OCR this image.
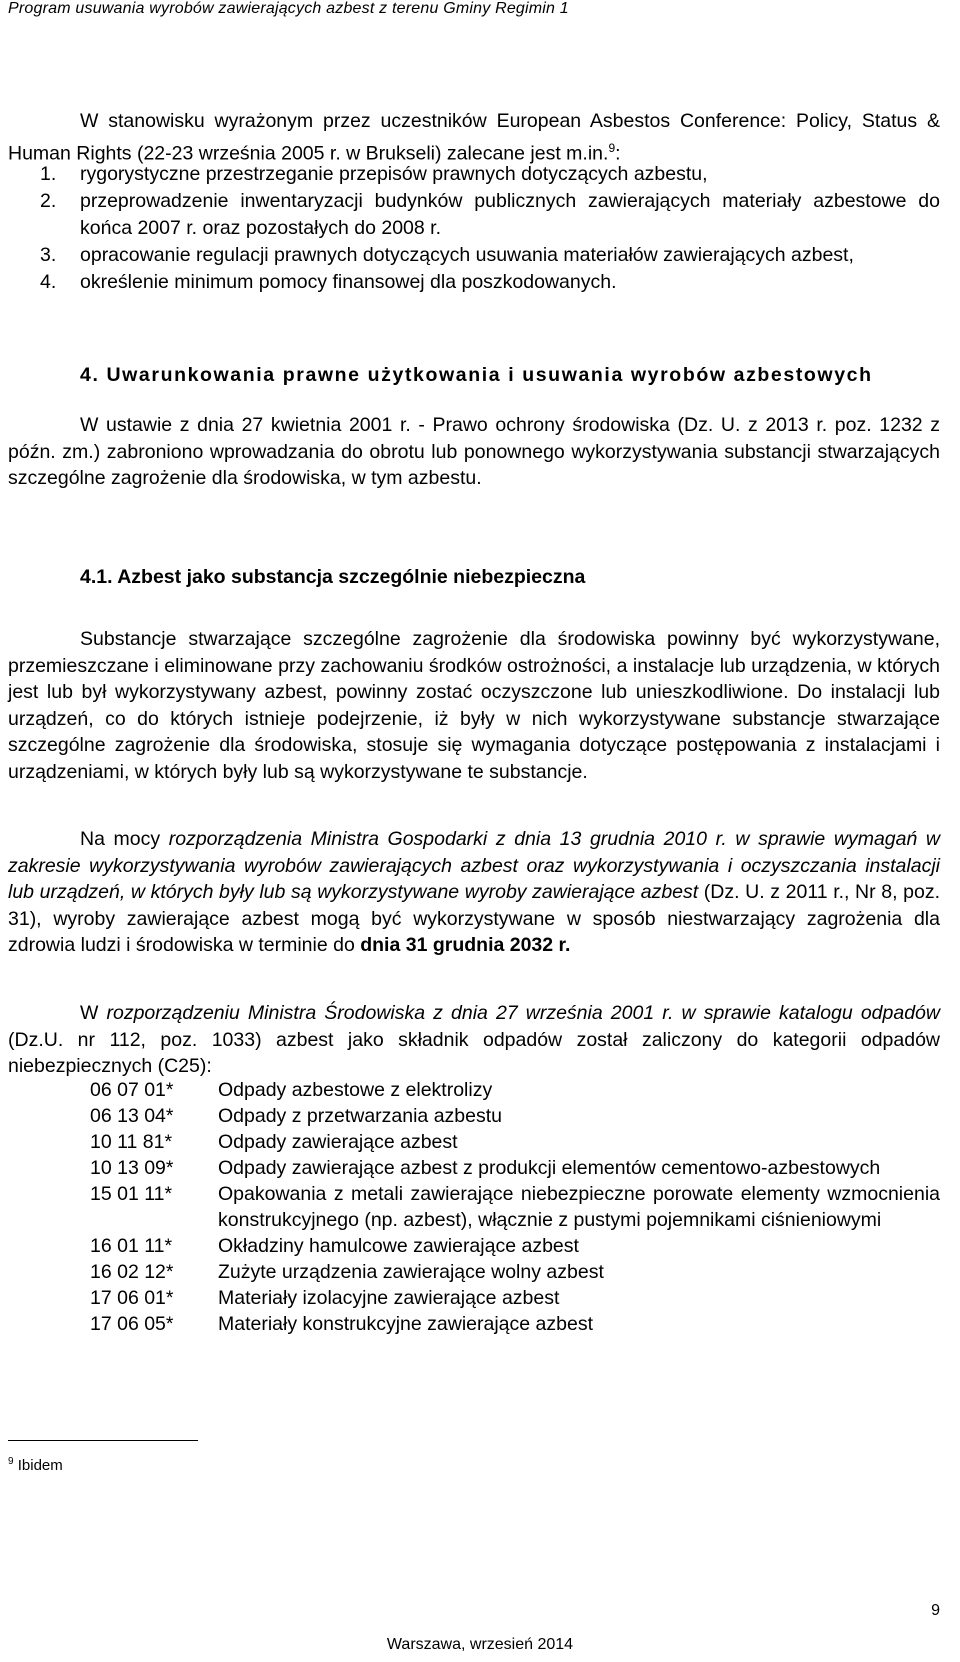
Program usuwania wyrobów zawierających azbest z terenu Gminy Regimin 1
W stanowisku wyrażonym przez uczestników European Asbestos Conference: Policy, Status & Human Rights (22-23 września 2005 r. w Brukseli) zalecane jest m.in.$^9$:
1. rygorystyczne przestrzeganie przepisów prawnych dotyczących azbestu,
2. przeprowadzenie inwentaryzacji budynków publicznych zawierających materiały azbestowe do końca 2007 r. oraz pozostałych do 2008 r.
3. opracowanie regulacji prawnych dotyczących usuwania materiałów zawierających azbest,
4. określenie minimum pomocy finansowej dla poszkodowanych.
4. Uwarunkowania prawne użytkowania i usuwania wyrobów azbestowych
W ustawie z dnia 27 kwietnia 2001 r. - Prawo ochrony środowiska (Dz. U. z 2013 r. poz. 1232 z późn. zm.) zabroniono wprowadzania do obrotu lub ponownego wykorzystywania substancji stwarzających szczególne zagrożenie dla środowiska, w tym azbestu.
4.1. Azbest jako substancja szczególnie niebezpieczna
Substancje stwarzające szczególne zagrożenie dla środowiska powinny być wykorzystywane, przemieszczane i eliminowane przy zachowaniu środków ostrożności, a instalacje lub urządzenia, w których jest lub był wykorzystywany azbest, powinny zostać oczyszczone lub unieszkodliwione. Do instalacji lub urządzeń, co do których istnieje podejrzenie, iż były w nich wykorzystywane substancje stwarzające szczególne zagrożenie dla środowiska, stosuje się wymagania dotyczące postępowania z instalacjami i urządzeniami, w których były lub są wykorzystywane te substancje.
Na mocy rozporządzenia Ministra Gospodarki z dnia 13 grudnia 2010 r. w sprawie wymagań w zakresie wykorzystywania wyrobów zawierających azbest oraz wykorzystywania i oczyszczania instalacji lub urządzeń, w których były lub są wykorzystywane wyroby zawierające azbest (Dz. U. z 2011 r., Nr 8, poz. 31), wyroby zawierające azbest mogą być wykorzystywane w sposób niestwarzający zagrożenia dla zdrowia ludzi i środowiska w terminie do dnia 31 grudnia 2032 r.
W rozporządzeniu Ministra Środowiska z dnia 27 września 2001 r. w sprawie katalogu odpadów (Dz.U. nr 112, poz. 1033) azbest jako składnik odpadów został zaliczony do kategorii odpadów niebezpiecznych (C25):
06 07 01* Odpady azbestowe z elektrolizy
06 13 04* Odpady z przetwarzania azbestu
10 11 81* Odpady zawierające azbest
10 13 09* Odpady zawierające azbest z produkcji elementów cementowo-azbestowych
15 01 11* Opakowania z metali zawierające niebezpieczne porowate elementy wzmocnienia konstrukcyjnego (np. azbest), włącznie z pustymi pojemnikami ciśnieniowymi
16 01 11* Okładziny hamulcowe zawierające azbest
16 02 12* Zużyte urządzenia zawierające wolny azbest
17 06 01* Materiały izolacyjne zawierające azbest
17 06 05* Materiały konstrukcyjne zawierające azbest
$^9$ Ibidem
9
Warszawa, wrzesień 2014
